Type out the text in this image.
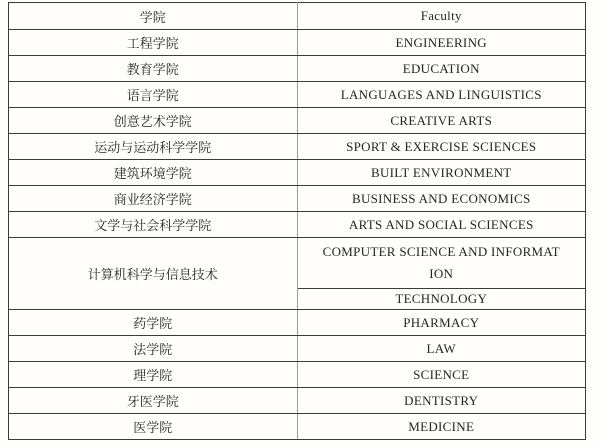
学院	Faculty
工程学院	ENGINEERING
教育学院	EDUCATION
语言学院	LANGUAGES AND LINGUISTICS
创意艺术学院	CREATIVE ARTS
运动与运动科学学院	SPORT & EXERCISE SCIENCES
建筑环境学院	BUILT ENVIRONMENT
商业经济学院	BUSINESS AND ECONOMICS
文学与社会科学学院	ARTS AND SOCIAL SCIENCES
计算机科学与信息技术	COMPUTER SCIENCE AND INFORMAT
ION

	TECHNOLOGY
药学院	PHARMACY
法学院	LAW
理学院	SCIENCE
牙医学院	DENTISTRY
医学院	MEDICINE
